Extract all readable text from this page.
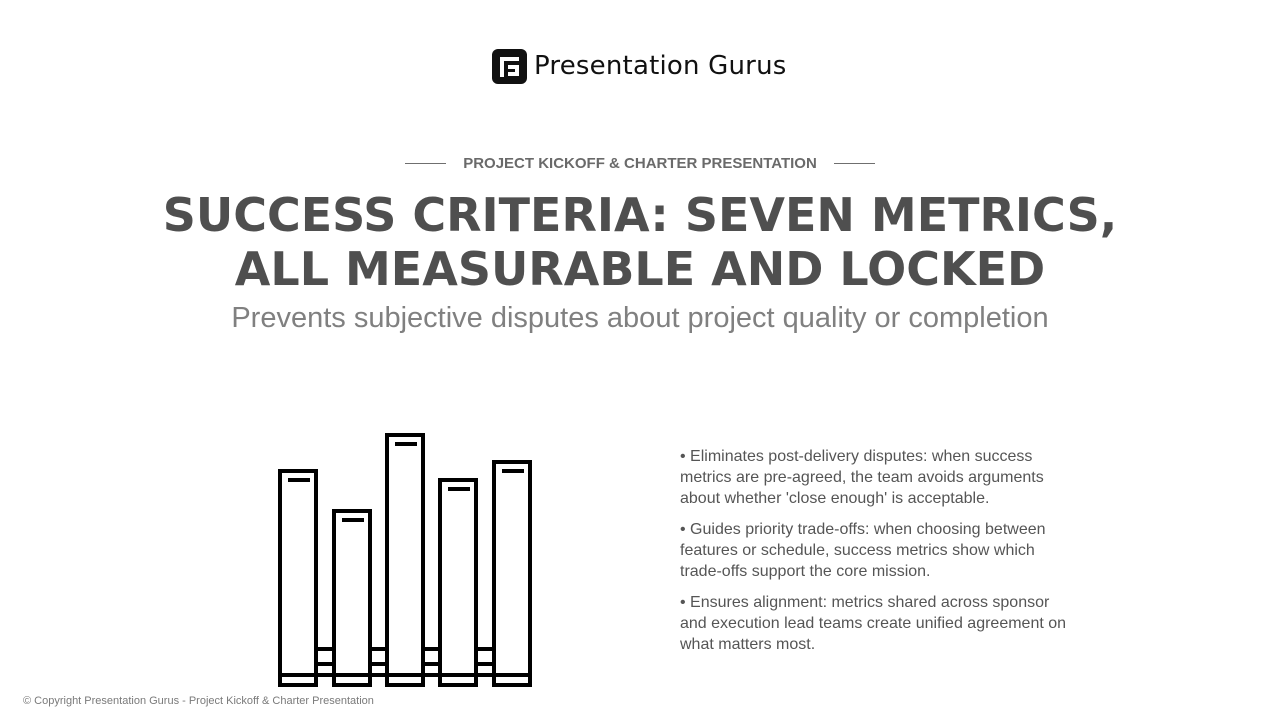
Presentation Gurus
PROJECT KICKOFF & CHARTER PRESENTATION
SUCCESS CRITERIA: SEVEN METRICS, ALL MEASURABLE AND LOCKED

Prevents subjective disputes about project quality or completion

• Eliminates post-delivery disputes: when success metrics are pre-agreed, the team avoids arguments about whether 'close enough' is acceptable.
• Guides priority trade-offs: when choosing between features or schedule, success metrics show which trade-offs support the core mission.
• Ensures alignment: metrics shared across sponsor and execution lead teams create unified agreement on what matters most.
© Copyright Presentation Gurus - Project Kickoff & Charter Presentation
